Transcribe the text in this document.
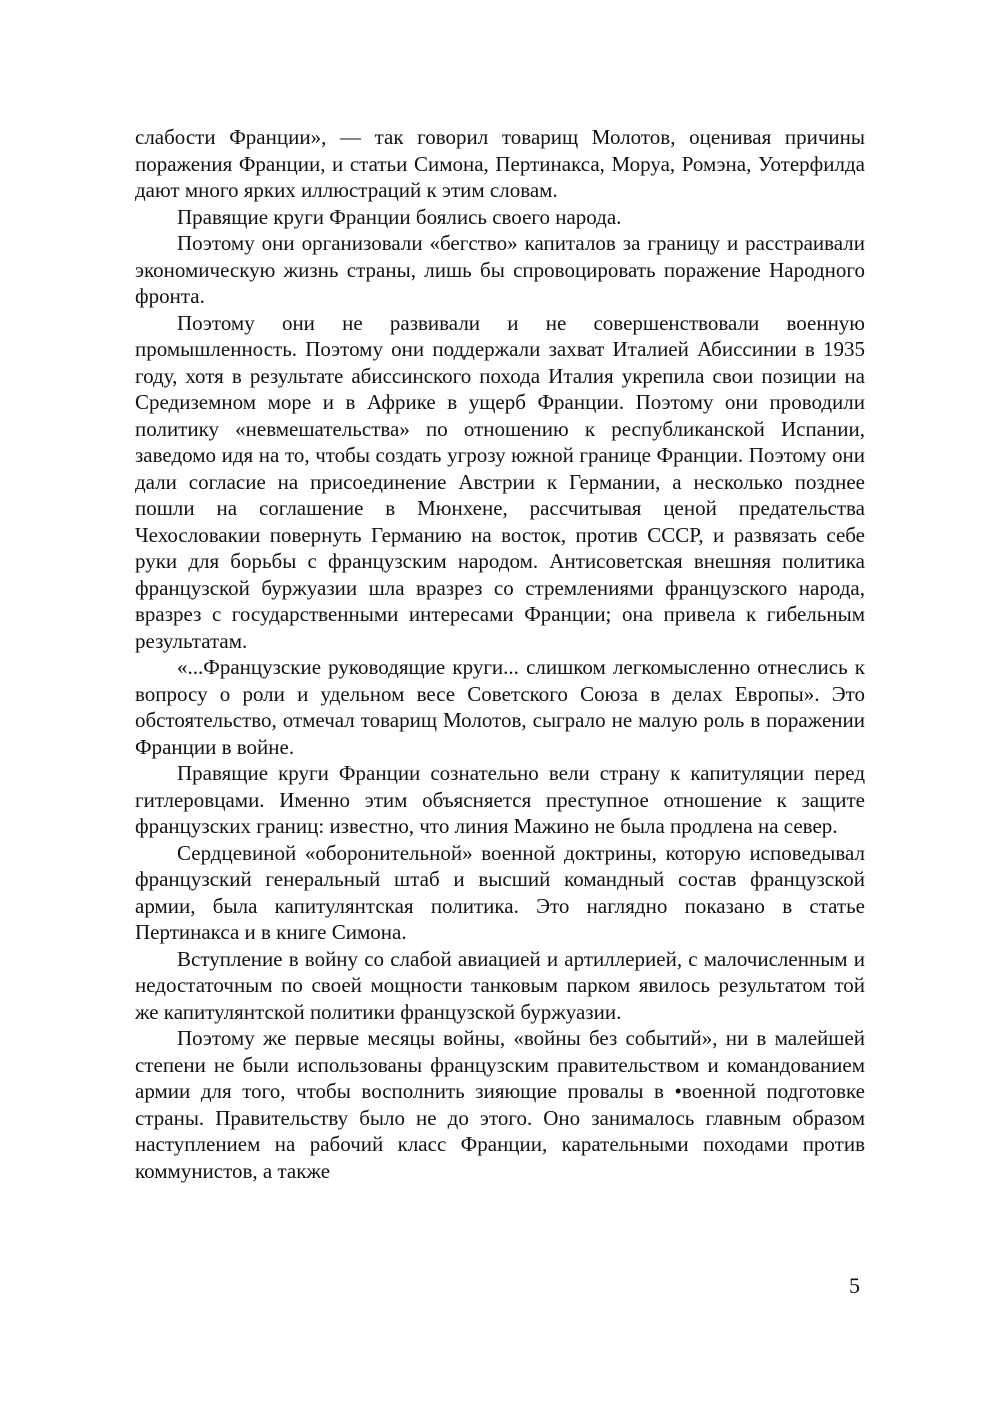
слабости Франции», — так говорил товарищ Молотов, оценивая причины поражения Франции, и статьи Симона, Пертинакса, Моруа, Ромэна, Уотерфилда дают много ярких иллюстраций к этим словам.

Правящие круги Франции боялись своего народа.

Поэтому они организовали «бегство» капиталов за границу и расстраивали экономическую жизнь страны, лишь бы спровоцировать поражение Народного фронта.

Поэтому они не развивали и не совершенствовали военную промышленность. Поэтому они поддержали захват Италией Абиссинии в 1935 году, хотя в результате абиссинского похода Италия укрепила свои позиции на Средиземном море и в Африке в ущерб Франции. Поэтому они проводили политику «невмешательства» по отношению к республиканской Испании, заведомо идя на то, чтобы создать угрозу южной границе Франции. Поэтому они дали согласие на присоединение Австрии к Германии, а несколько позднее пошли на соглашение в Мюнхене, рассчитывая ценой предательства Чехословакии повернуть Германию на восток, против СССР, и развязать себе руки для борьбы с французским народом. Антисоветская внешняя политика французской буржуазии шла вразрез со стремлениями французского народа, вразрез с государственными интересами Франции; она привела к гибельным результатам.

«...Французские руководящие круги... слишком легкомысленно отнеслись к вопросу о роли и удельном весе Советского Союза в делах Европы». Это обстоятельство, отмечал товарищ Молотов, сыграло не малую роль в поражении Франции в войне.

Правящие круги Франции сознательно вели страну к капитуляции перед гитлеровцами. Именно этим объясняется преступное отношение к защите французских границ: известно, что линия Мажино не была продлена на север.

Сердцевиной «оборонительной» военной доктрины, которую исповедывал французский генеральный штаб и высший командный состав французской армии, была капитулянтская политика. Это наглядно показано в статье Пертинакса и в книге Симона.

Вступление в войну со слабой авиацией и артиллерией, с малочисленным и недостаточным по своей мощности танковым парком явилось результатом той же капитулянтской политики французской буржуазии.

Поэтому же первые месяцы войны, «войны без событий», ни в малейшей степени не были использованы французским правительством и командованием армии для того, чтобы восполнить зияющие провалы в •военной подготовке страны. Правительству было не до этого. Оно занималось главным образом наступлением на рабочий класс Франции, карательными походами против коммунистов, а также

5
